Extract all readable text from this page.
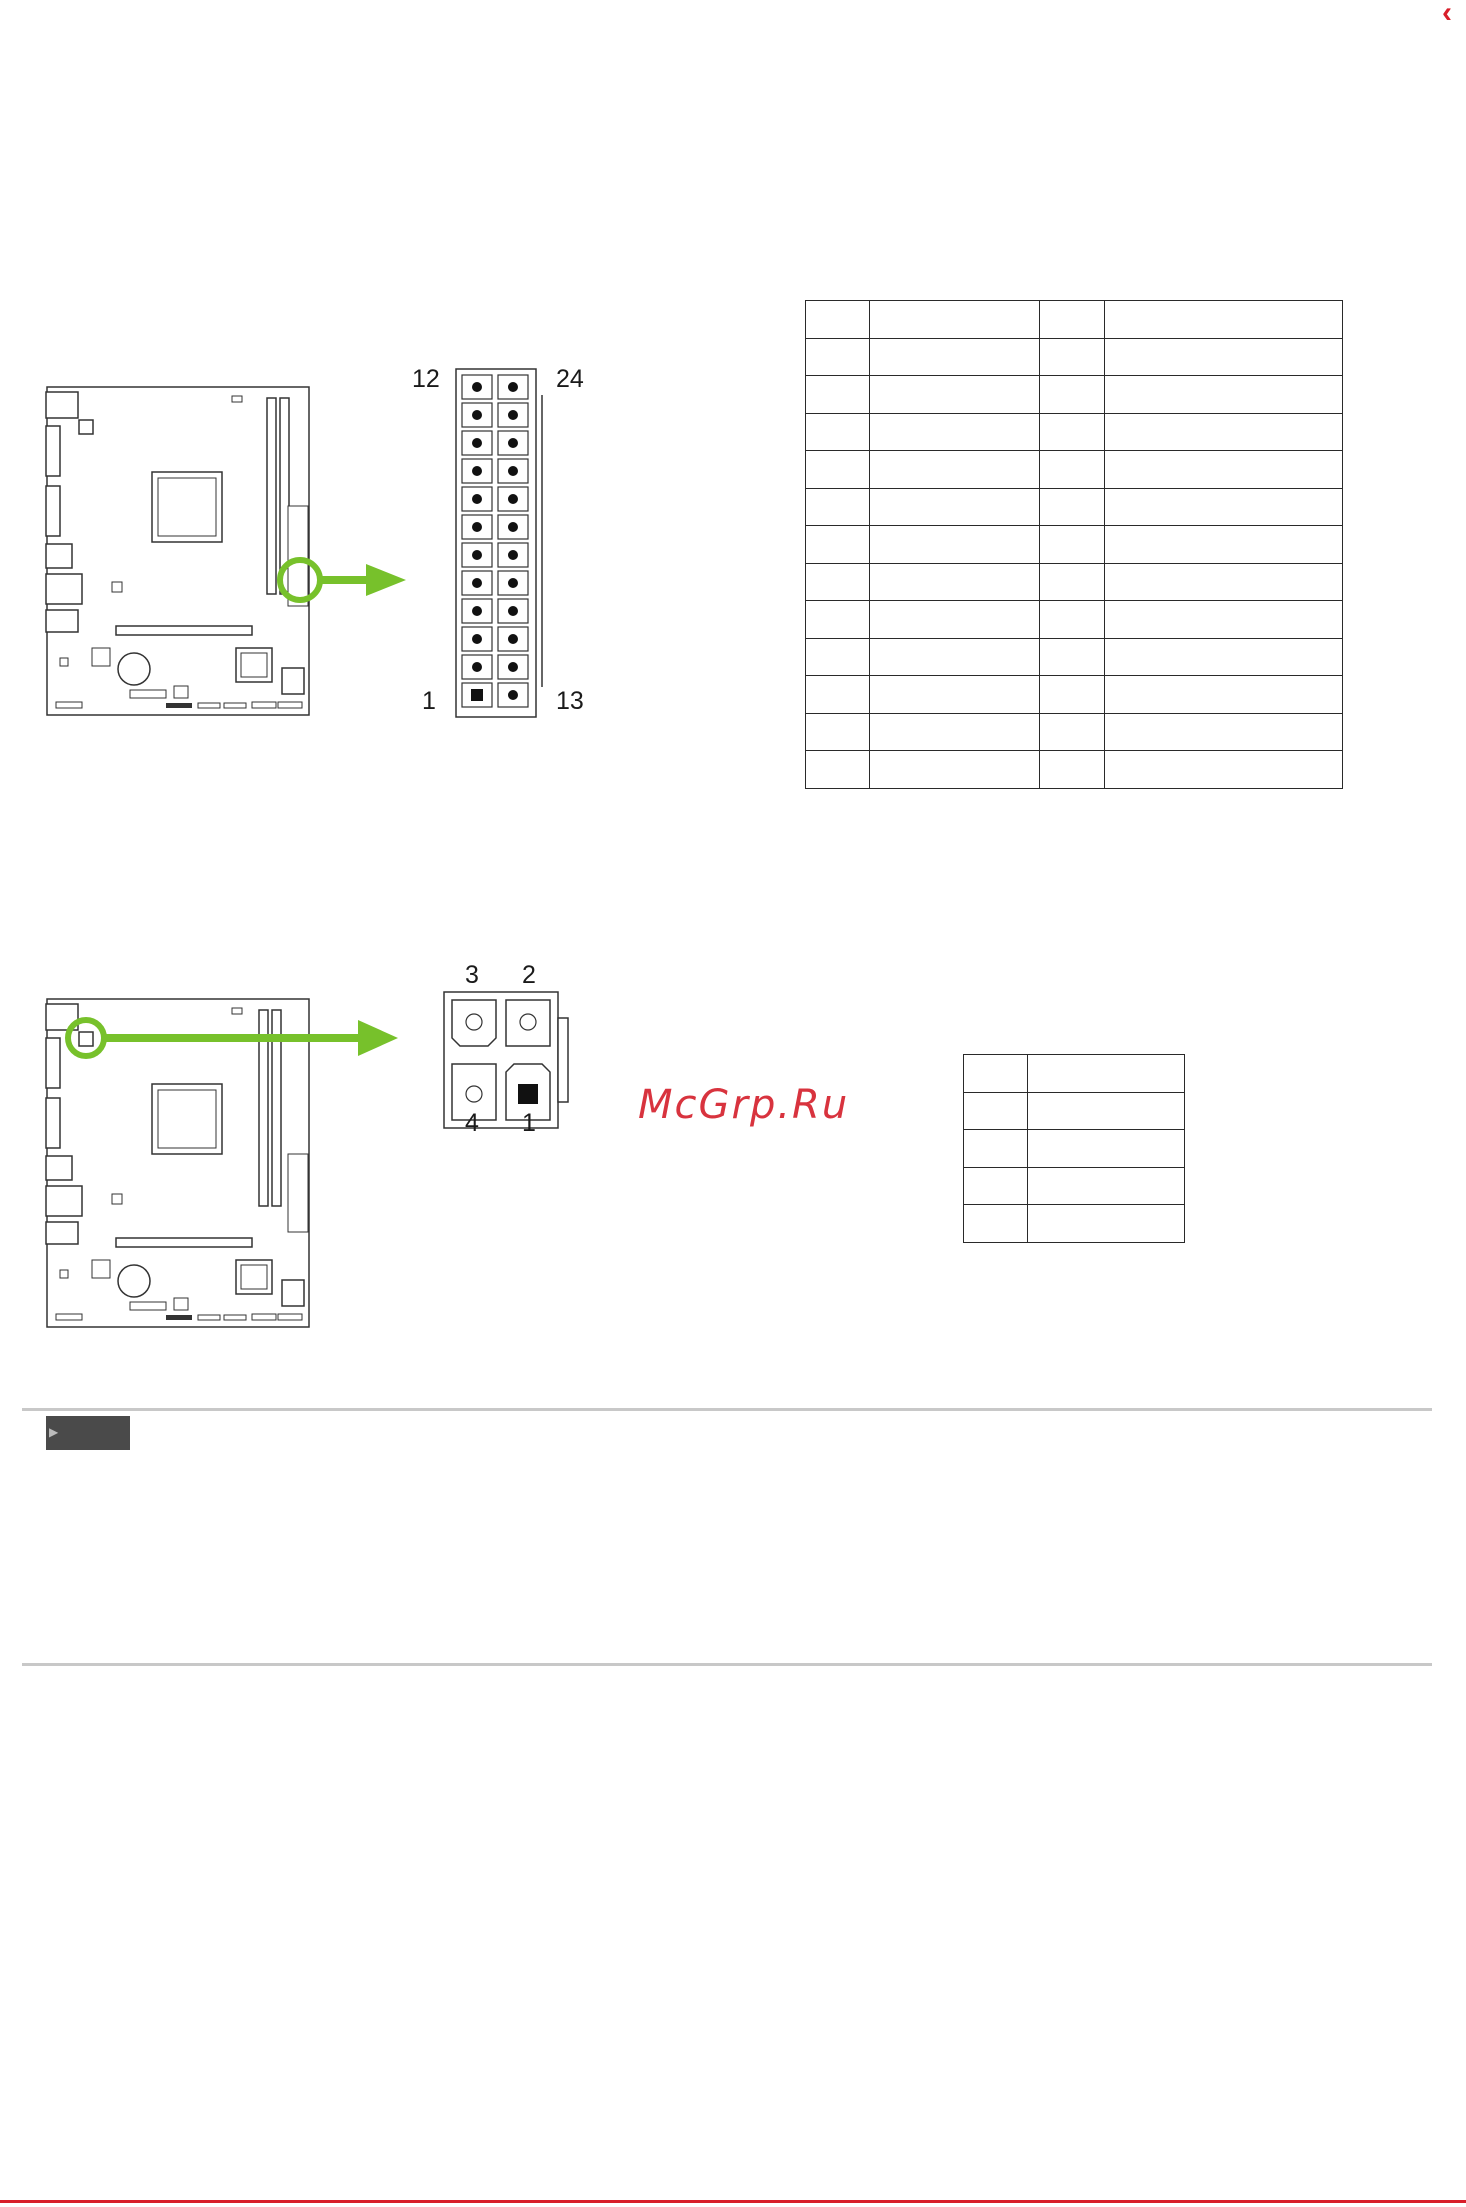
‹
12	24
1	13

3 2
4 1	McGrp.Ru

▶
